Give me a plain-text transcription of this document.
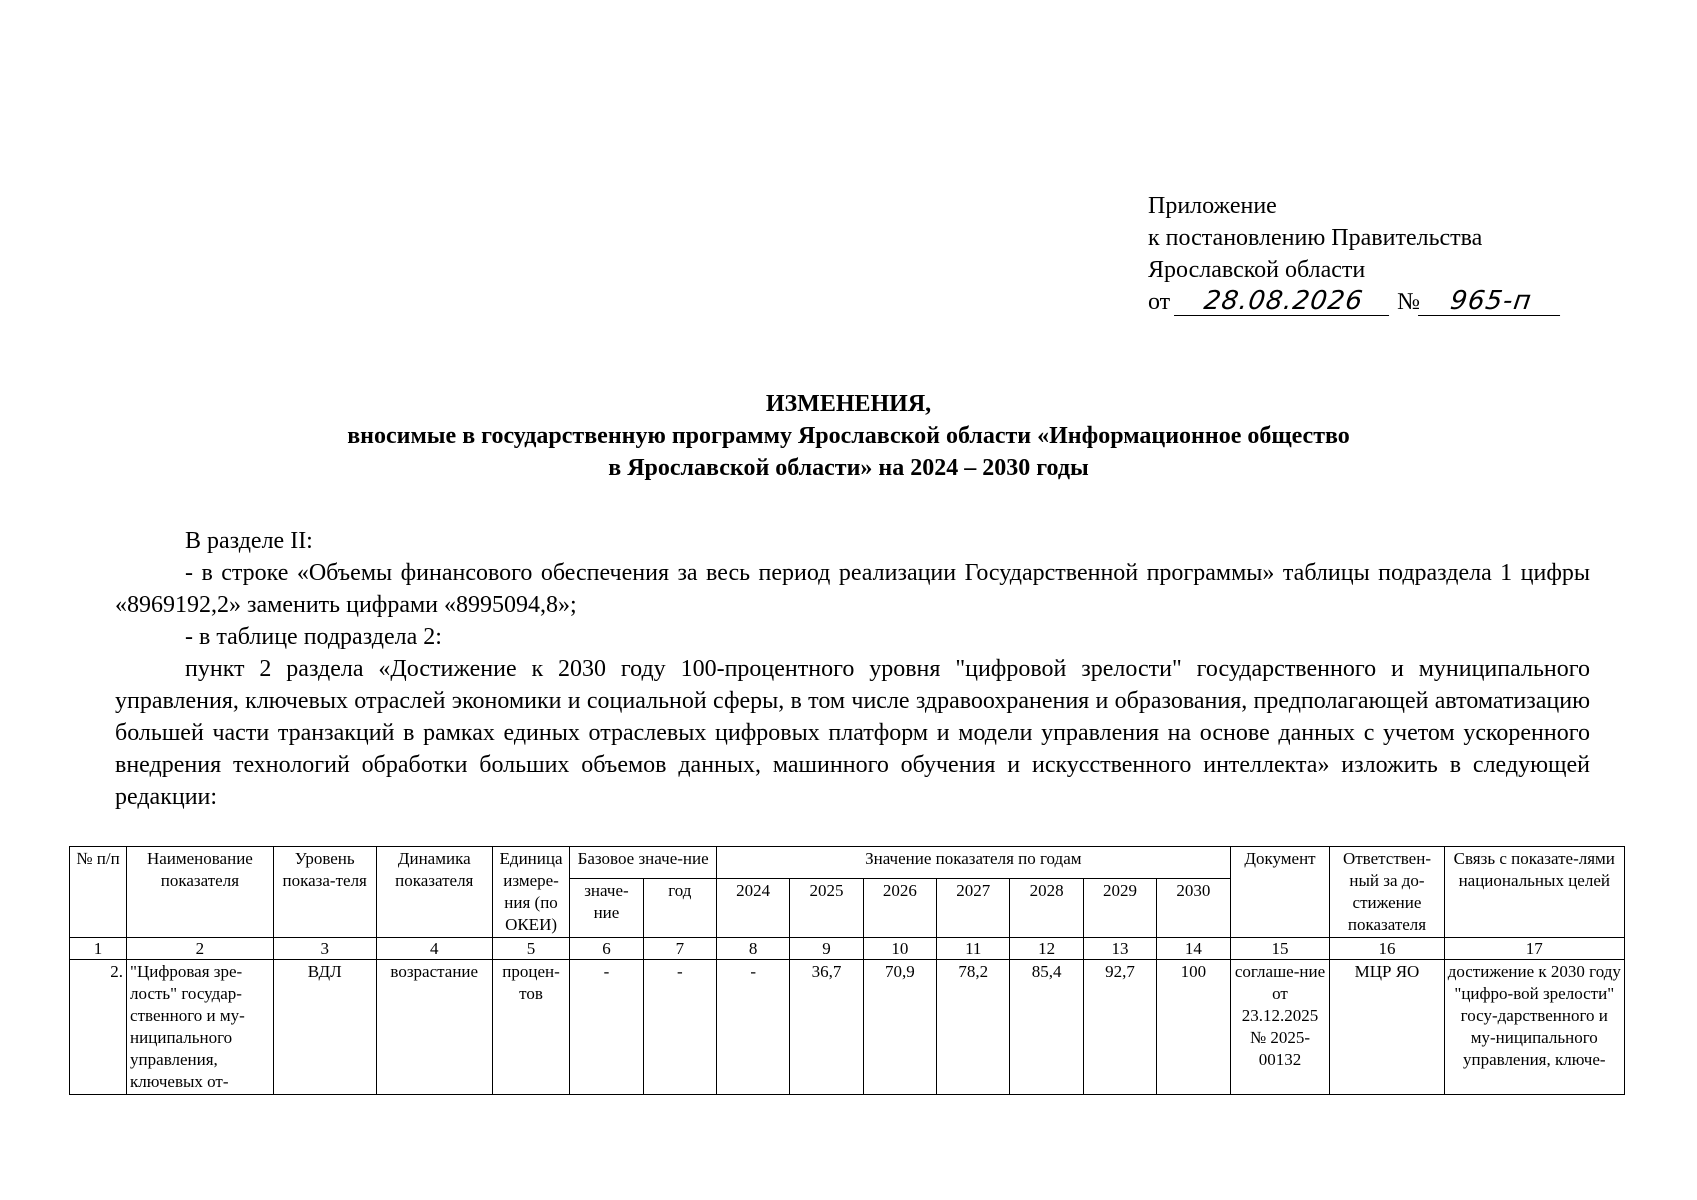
Приложение
к постановлению Правительства
Ярославской области
от 28.08.2026 № 965-п
ИЗМЕНЕНИЯ,
вносимые в государственную программу Ярославской области «Информационное общество
в Ярославской области» на 2024 – 2030 годы

В разделе II:

- в строке «Объемы финансового обеспечения за весь период реализации Государственной программы» таблицы подраздела 1 цифры «8969192,2» заменить цифрами «8995094,8»;

- в таблице подраздела 2:

пункт 2 раздела «Достижение к 2030 году 100-процентного уровня "цифровой зрелости" государственного и муниципального управления, ключевых отраслей экономики и социальной сферы, в том числе здравоохранения и образования, предполагающей автоматизацию большей части транзакций в рамках единых отраслевых цифровых платформ и модели управления на основе данных с учетом ускоренного внедрения технологий обработки больших объемов данных, машинного обучения и искусственного интеллекта» изложить в следующей редакции:

№ п/п	Наименование показателя	Уровень показа-теля	Динамика показателя	Единица измере-ния (по ОКЕИ)	Базовое значе-ние		Значение показателя по годам							Документ	Ответствен-ный за до-стижение показателя	Связь с показате-лями национальных целей
					значе-ние	год	2024	2025	2026	2027	2028	2029	2030			
1	2	3	4	5	6	7	8	9	10	11	12	13	14	15	16	17
2.	"Цифровая зре-лость" государ-ственного и му-ниципального управления, ключевых от-	ВДЛ	возрастание	процен-тов	-	-	-	36,7	70,9	78,2	85,4	92,7	100	соглаше-ние от 23.12.2025 № 2025-00132	МЦР ЯО	достижение к 2030 году "цифро-вой зрелости" госу-дарственного и му-ниципального управления, ключе-
